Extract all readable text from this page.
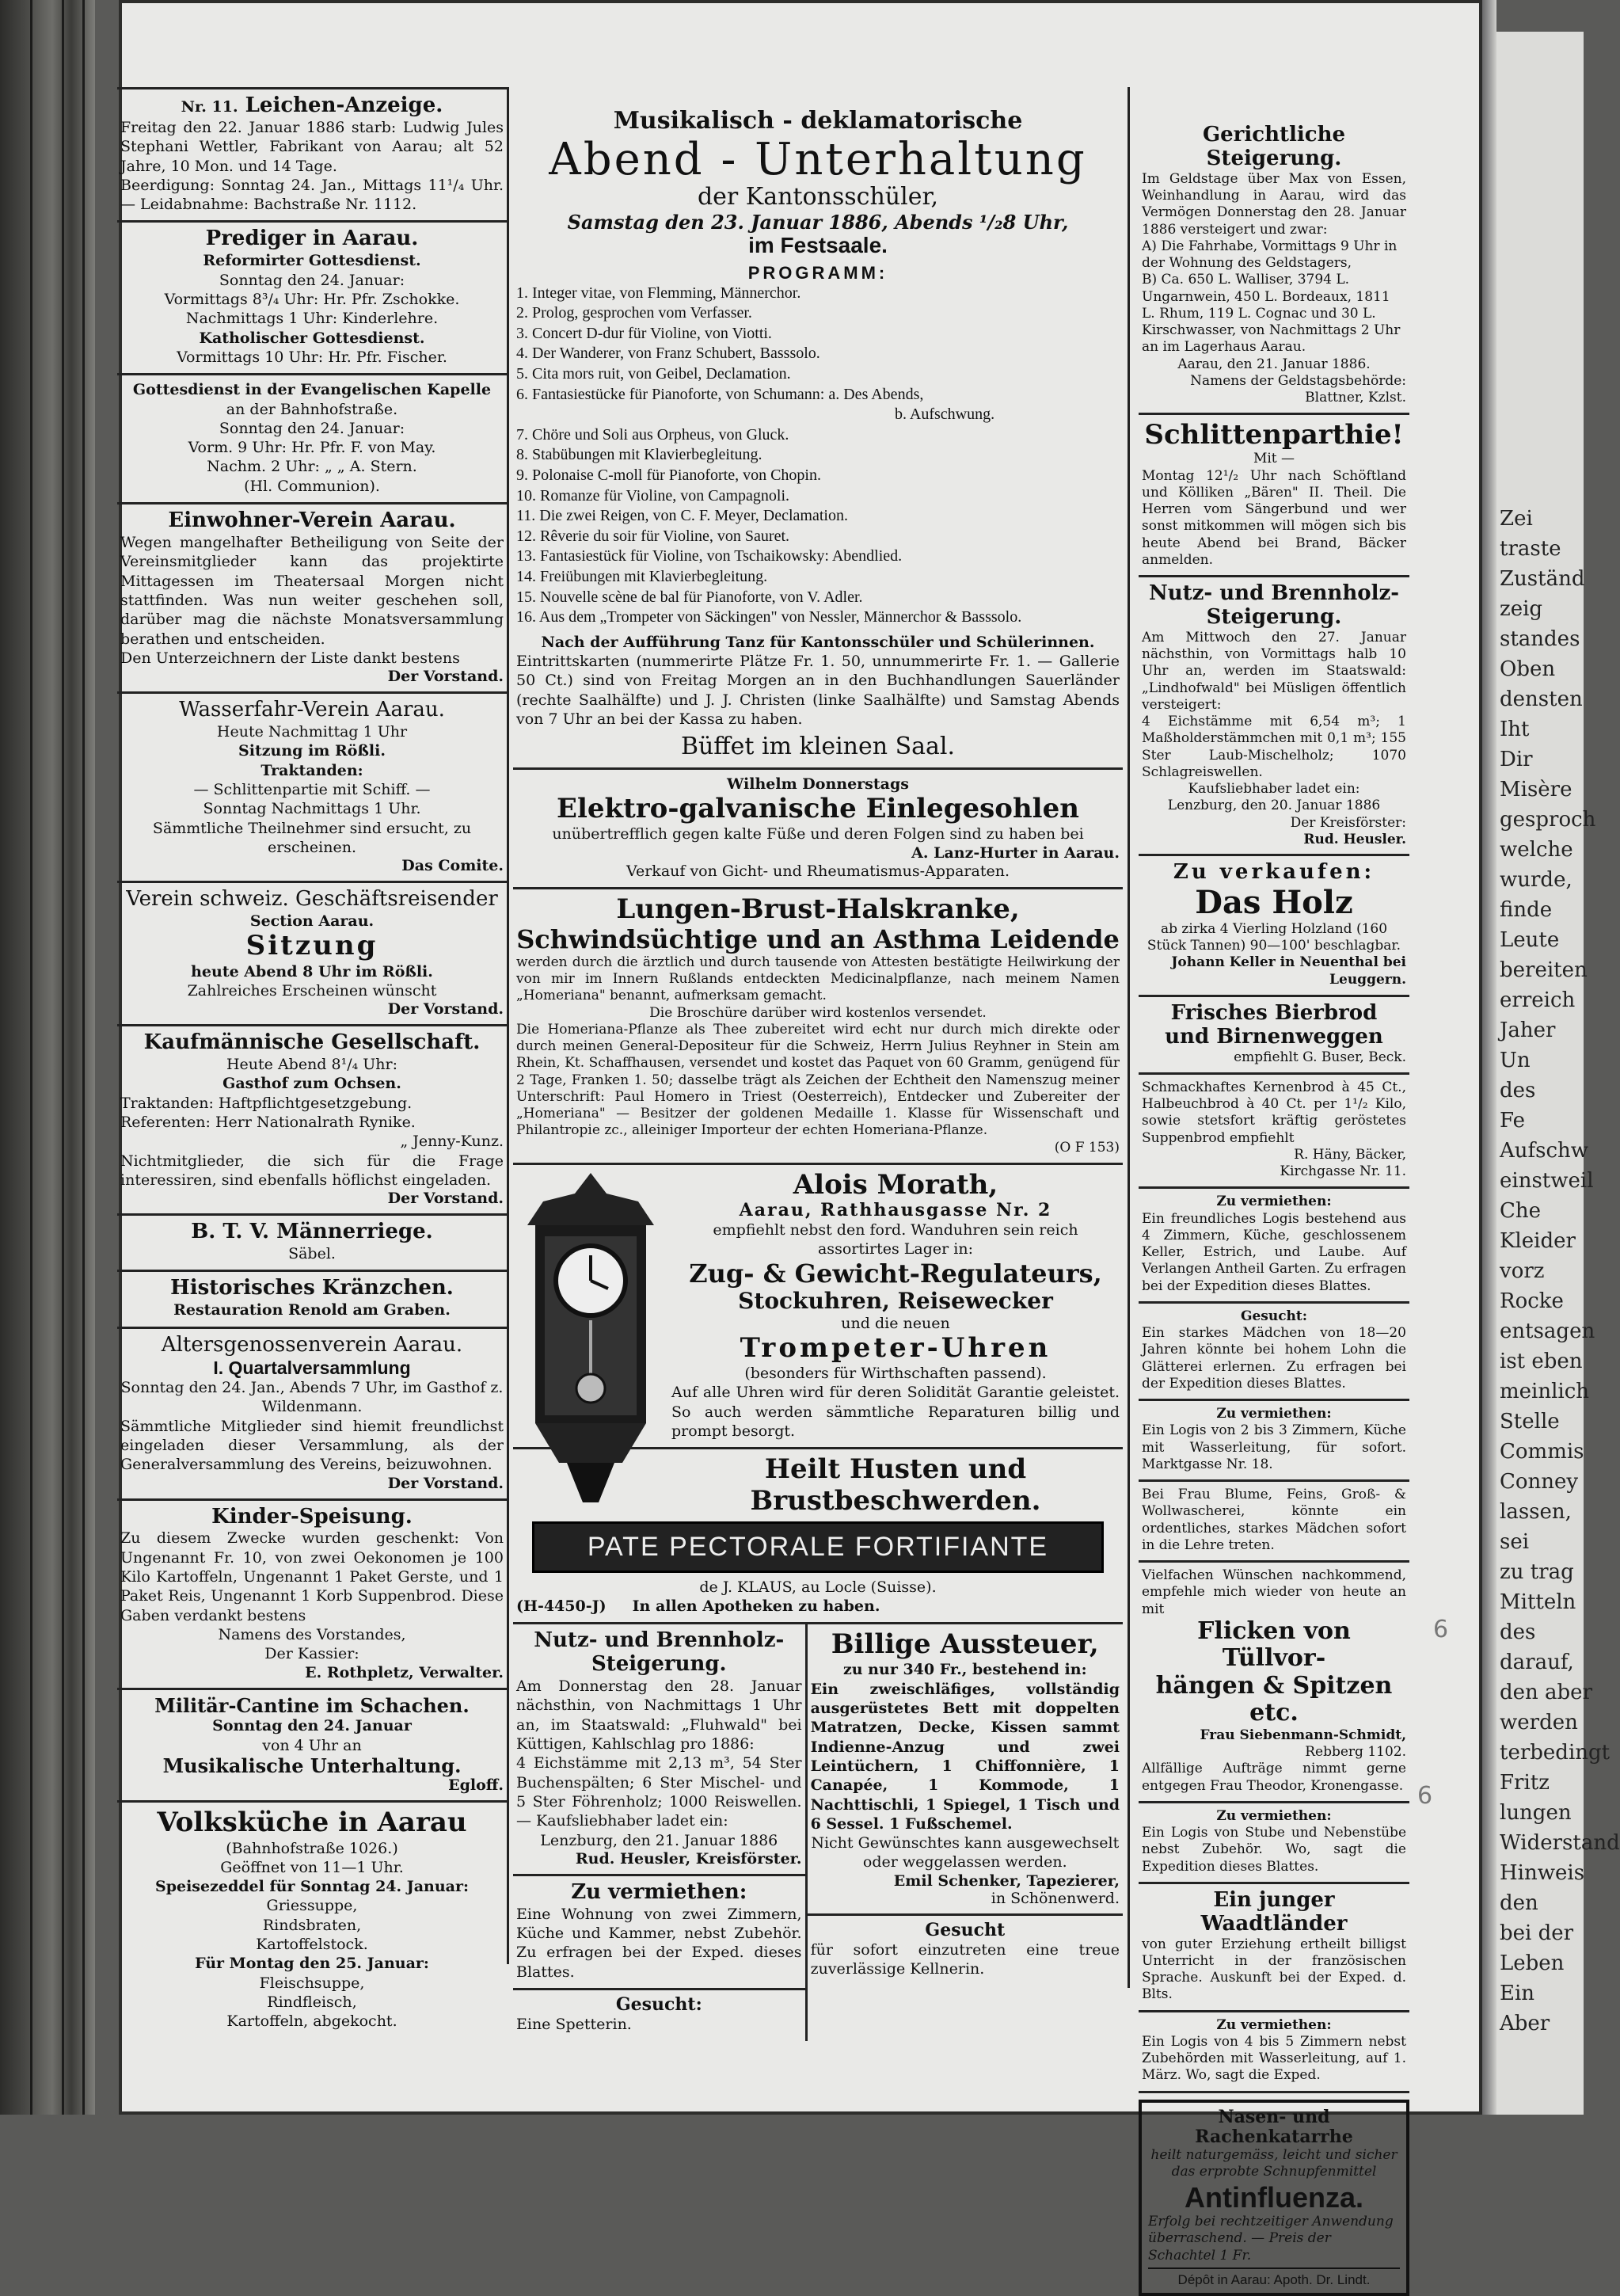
Zei
traste
Zuständ
zeig
standes
Oben
densten
Iht
Dir
Misère
gesproch
welche
wurde,
finde
Leute
bereiten
erreich
Jaher
Un
des
Fe
Aufschw
einstweil
Che
Kleider
vorz
Rocke
entsagen
ist eben
meinlich
Stelle
Commis
Conney
lassen,
sei
zu trag
Mitteln
des
darauf,
den aber
werden
terbedingt
Fritz
lungen
Widerstand
Hinweis
den
bei der
Leben
Ein
Aber
Nr. 11. Leichen-Anzeige.
Freitag den 22. Januar 1886 starb: Ludwig Jules Stephani Wettler, Fabrikant von Aarau; alt 52 Jahre, 10 Mon. und 14 Tage.
Beerdigung: Sonntag 24. Jan., Mittags 11¹/₄ Uhr. — Leidabnahme: Bachstraße Nr. 1112.
Prediger in Aarau.
Reformirter Gottesdienst.
Sonntag den 24. Januar:
Vormittags 8³/₄ Uhr: Hr. Pfr. Zschokke.
Nachmittags 1 Uhr: Kinderlehre.
Katholischer Gottesdienst.
Vormittags 10 Uhr: Hr. Pfr. Fischer.
Gottesdienst in der Evangelischen Kapelle
an der Bahnhofstraße.
Sonntag den 24. Januar:
Vorm. 9 Uhr: Hr. Pfr. F. von May.
Nachm. 2 Uhr: „ „ A. Stern.
(Hl. Communion).
Einwohner-Verein Aarau.
Wegen mangelhafter Betheiligung von Seite der Vereinsmitglieder kann das projektirte Mittagessen im Theatersaal Morgen nicht stattfinden. Was nun weiter geschehen soll, darüber mag die nächste Monatsversammlung berathen und entscheiden.
Den Unterzeichnern der Liste dankt bestens
Der Vorstand.
Wasserfahr-Verein Aarau.
Heute Nachmittag 1 Uhr
Sitzung im Rößli.
Traktanden:
— Schlittenpartie mit Schiff. —
Sonntag Nachmittags 1 Uhr.
Sämmtliche Theilnehmer sind ersucht, zu erscheinen.
Das Comite.
Verein schweiz. Geschäftsreisender
Section Aarau.
Sitzung
heute Abend 8 Uhr im Rößli.
Zahlreiches Erscheinen wünscht
Der Vorstand.
Kaufmännische Gesellschaft.
Heute Abend 8¹/₄ Uhr:
Gasthof zum Ochsen.
Traktanden: Haftpflichtgesetzgebung.
Referenten: Herr Nationalrath Rynike.
„ Jenny-Kunz.
Nichtmitglieder, die sich für die Frage interessiren, sind ebenfalls höflichst eingeladen.
Der Vorstand.
B. T. V. Männerriege.
Säbel.
Historisches Kränzchen.
Restauration Renold am Graben.
Altersgenossenverein Aarau.
I. Quartalversammlung
Sonntag den 24. Jan., Abends 7 Uhr, im Gasthof z. Wildenmann.
Sämmtliche Mitglieder sind hiemit freundlichst eingeladen dieser Versammlung, als der Generalversammlung des Vereins, beizuwohnen.
Der Vorstand.
Kinder-Speisung.
Zu diesem Zwecke wurden geschenkt: Von Ungenannt Fr. 10, von zwei Oekonomen je 100 Kilo Kartoffeln, Ungenannt 1 Paket Gerste, und 1 Paket Reis, Ungenannt 1 Korb Suppenbrod. Diese Gaben verdankt bestens
Namens des Vorstandes,
Der Kassier:
E. Rothpletz, Verwalter.
Militär-Cantine im Schachen.
Sonntag den 24. Januar
von 4 Uhr an
Musikalische Unterhaltung.
Egloff.
Volksküche in Aarau
(Bahnhofstraße 1026.)
Geöffnet von 11—1 Uhr.
Speisezeddel für Sonntag 24. Januar:
Griessuppe,
Rindsbraten,
Kartoffelstock.
Für Montag den 25. Januar:
Fleischsuppe,
Rindfleisch,
Kartoffeln, abgekocht.
Musikalisch - deklamatorische
Abend - Unterhaltung
der Kantonsschüler,
Samstag den 23. Januar 1886, Abends ¹/₂8 Uhr,
im Festsaale.
PROGRAMM:
1. Integer vitae, von Flemming, Männerchor.
2. Prolog, gesprochen vom Verfasser.
3. Concert D-dur für Violine, von Viotti.
4. Der Wanderer, von Franz Schubert, Basssolo.
5. Cita mors ruit, von Geibel, Declamation.
6. Fantasiestücke für Pianoforte, von Schumann: a. Des Abends,
b. Aufschwung.
7. Chöre und Soli aus Orpheus, von Gluck.
8. Stabübungen mit Klavierbegleitung.
9. Polonaise C-moll für Pianoforte, von Chopin.
10. Romanze für Violine, von Campagnoli.
11. Die zwei Reigen, von C. F. Meyer, Declamation.
12. Rêverie du soir für Violine, von Sauret.
13. Fantasiestück für Violine, von Tschaikowsky: Abendlied.
14. Freiübungen mit Klavierbegleitung.
15. Nouvelle scène de bal für Pianoforte, von V. Adler.
16. Aus dem „Trompeter von Säckingen" von Nessler, Männerchor & Basssolo.
Nach der Aufführung Tanz für Kantonsschüler und Schülerinnen.
Eintrittskarten (nummerirte Plätze Fr. 1. 50, unnummerirte Fr. 1. — Gallerie 50 Ct.) sind von Freitag Morgen an in den Buchhandlungen Sauerländer (rechte Saalhälfte) und J. J. Christen (linke Saalhälfte) und Samstag Abends von 7 Uhr an bei der Kassa zu haben.
Büffet im kleinen Saal.
Wilhelm Donnerstags
Elektro-galvanische Einlegesohlen
unübertrefflich gegen kalte Füße und deren Folgen sind zu haben bei
A. Lanz-Hurter in Aarau.
Verkauf von Gicht- und Rheumatismus-Apparaten.
Lungen-Brust-Halskranke,
Schwindsüchtige und an Asthma Leidende
werden durch die ärztlich und durch tausende von Attesten bestätigte Heilwirkung der von mir im Innern Rußlands entdeckten Medicinalpflanze, nach meinem Namen „Homeriana" benannt, aufmerksam gemacht.
Die Broschüre darüber wird kostenlos versendet.
Die Homeriana-Pflanze als Thee zubereitet wird echt nur durch mich direkte oder durch meinen General-Depositeur für die Schweiz, Herrn Julius Reyhner in Stein am Rhein, Kt. Schaffhausen, versendet und kostet das Paquet von 60 Gramm, genügend für 2 Tage, Franken 1. 50; dasselbe trägt als Zeichen der Echtheit den Namenszug meiner Unterschrift: Paul Homero in Triest (Oesterreich), Entdecker und Zubereiter der „Homeriana" — Besitzer der goldenen Medaille 1. Klasse für Wissenschaft und Philantropie zc., alleiniger Importeur der echten Homeriana-Pflanze.
(O F 153)
Alois Morath,
Aarau, Rathhausgasse Nr. 2
empfiehlt nebst den ford. Wanduhren sein reich assortirtes Lager in:
Zug- & Gewicht-Regulateurs,
Stockuhren, Reisewecker
und die neuen
Trompeter-Uhren
(besonders für Wirthschaften passend).
Auf alle Uhren wird für deren Solidität Garantie geleistet. So auch werden sämmtliche Reparaturen billig und prompt besorgt.
Heilt Husten und Brustbeschwerden.
PATE PECTORALE FORTIFIANTE
de J. KLAUS, au Locle (Suisse).
(H-4450-J) In allen Apotheken zu haben.
Nutz- und Brennholz-
Steigerung.
Am Donnerstag den 28. Januar nächsthin, von Nachmittags 1 Uhr an, im Staatswald: „Fluhwald" bei Küttigen, Kahlschlag pro 1886:
4 Eichstämme mit 2,13 m³, 54 Ster Buchenspälten; 6 Ster Mischel- und 5 Ster Föhrenholz; 1000 Reiswellen. — Kaufsliebhaber ladet ein:
Lenzburg, den 21. Januar 1886
Rud. Heusler, Kreisförster.
Zu vermiethen:
Eine Wohnung von zwei Zimmern, Küche und Kammer, nebst Zubehör. Zu erfragen bei der Exped. dieses Blattes.
Gesucht:
Eine Spetterin.
Billige Aussteuer,
zu nur 340 Fr., bestehend in:
Ein zweischläfiges, vollständig ausgerüstetes Bett mit doppelten Matratzen, Decke, Kissen sammt Indienne-Anzug und zwei Leintüchern, 1 Chiffonnière, 1 Canapée, 1 Kommode, 1 Nachttischli, 1 Spiegel, 1 Tisch und 6 Sessel. 1 Fußschemel.
Nicht Gewünschtes kann ausgewechselt oder weggelassen werden.
Emil Schenker, Tapezierer,
in Schönenwerd.
Gesucht
für sofort einzutreten eine treue zuverlässige Kellnerin.
Gerichtliche Steigerung.
Im Geldstage über Max von Essen, Weinhandlung in Aarau, wird das Vermögen Donnerstag den 28. Januar 1886 versteigert und zwar:
A) Die Fahrhabe, Vormittags 9 Uhr in der Wohnung des Geldstagers,
B) Ca. 650 L. Walliser, 3794 L. Ungarnwein, 450 L. Bordeaux, 1811 L. Rhum, 119 L. Cognac und 30 L. Kirschwasser, von Nachmittags 2 Uhr an im Lagerhaus Aarau.
Aarau, den 21. Januar 1886.
Namens der Geldstagsbehörde:
Blattner, Kzlst.
Schlittenparthie!
Mit —
Montag 12¹/₂ Uhr nach Schöftland und Kölliken „Bären" II. Theil. Die Herren vom Sängerbund und wer sonst mitkommen will mögen sich bis heute Abend bei Brand, Bäcker anmelden.
Nutz- und Brennholz-
Steigerung.
Am Mittwoch den 27. Januar nächsthin, von Vormittags halb 10 Uhr an, werden im Staatswald: „Lindhofwald" bei Müsligen öffentlich versteigert:
4 Eichstämme mit 6,54 m³; 1 Maßholderstämmchen mit 0,1 m³; 155 Ster Laub-Mischelholz; 1070 Schlagreiswellen.
Kaufsliebhaber ladet ein:
Lenzburg, den 20. Januar 1886
Der Kreisförster:
Rud. Heusler.
Zu verkaufen:
Das Holz
ab zirka 4 Vierling Holzland (160 Stück Tannen) 90—100' beschlagbar.
Johann Keller in Neuenthal bei Leuggern.
Frisches Bierbrod
und Birnenweggen
empfiehlt G. Buser, Beck.
Schmackhaftes Kernenbrod à 45 Ct., Halbeuchbrod à 40 Ct. per 1¹/₂ Kilo, sowie stetsfort kräftig geröstetes Suppenbrod empfiehlt
R. Häny, Bäcker,
Kirchgasse Nr. 11.
Zu vermiethen:
Ein freundliches Logis bestehend aus 4 Zimmern, Küche, geschlossenem Keller, Estrich, und Laube. Auf Verlangen Antheil Garten. Zu erfragen bei der Expedition dieses Blattes.
Gesucht:
Ein starkes Mädchen von 18—20 Jahren könnte bei hohem Lohn die Glätterei erlernen. Zu erfragen bei der Expedition dieses Blattes.
Zu vermiethen:
Ein Logis von 2 bis 3 Zimmern, Küche mit Wasserleitung, für sofort. Marktgasse Nr. 18.
Bei Frau Blume, Feins, Groß- & Wollwascherei, könnte ein ordentliches, starkes Mädchen sofort in die Lehre treten.
Vielfachen Wünschen nachkommend, empfehle mich wieder von heute an mit
Flicken von Tüllvor-
hängen & Spitzen etc.
Frau Siebenmann-Schmidt,
Rebberg 1102.
Allfällige Aufträge nimmt gerne entgegen Frau Theodor, Kronengasse.
Zu vermiethen:
Ein Logis von Stube und Nebenstübe nebst Zubehör. Wo, sagt die Expedition dieses Blattes.
Ein junger Waadtländer
von guter Erziehung ertheilt billigst Unterricht in der französischen Sprache. Auskunft bei der Exped. d. Blts.
Zu vermiethen:
Ein Logis von 4 bis 5 Zimmern nebst Zubehörden mit Wasserleitung, auf 1. März. Wo, sagt die Exped.
Nasen- und Rachenkatarrhe
heilt naturgemäss, leicht und sicher das erprobte Schnupfenmittel
Antinfluenza.
Erfolg bei rechtzeitiger Anwendung überraschend. — Preis der Schachtel 1 Fr.
Dépôt in Aarau: Apoth. Dr. Lindt.
6
6
